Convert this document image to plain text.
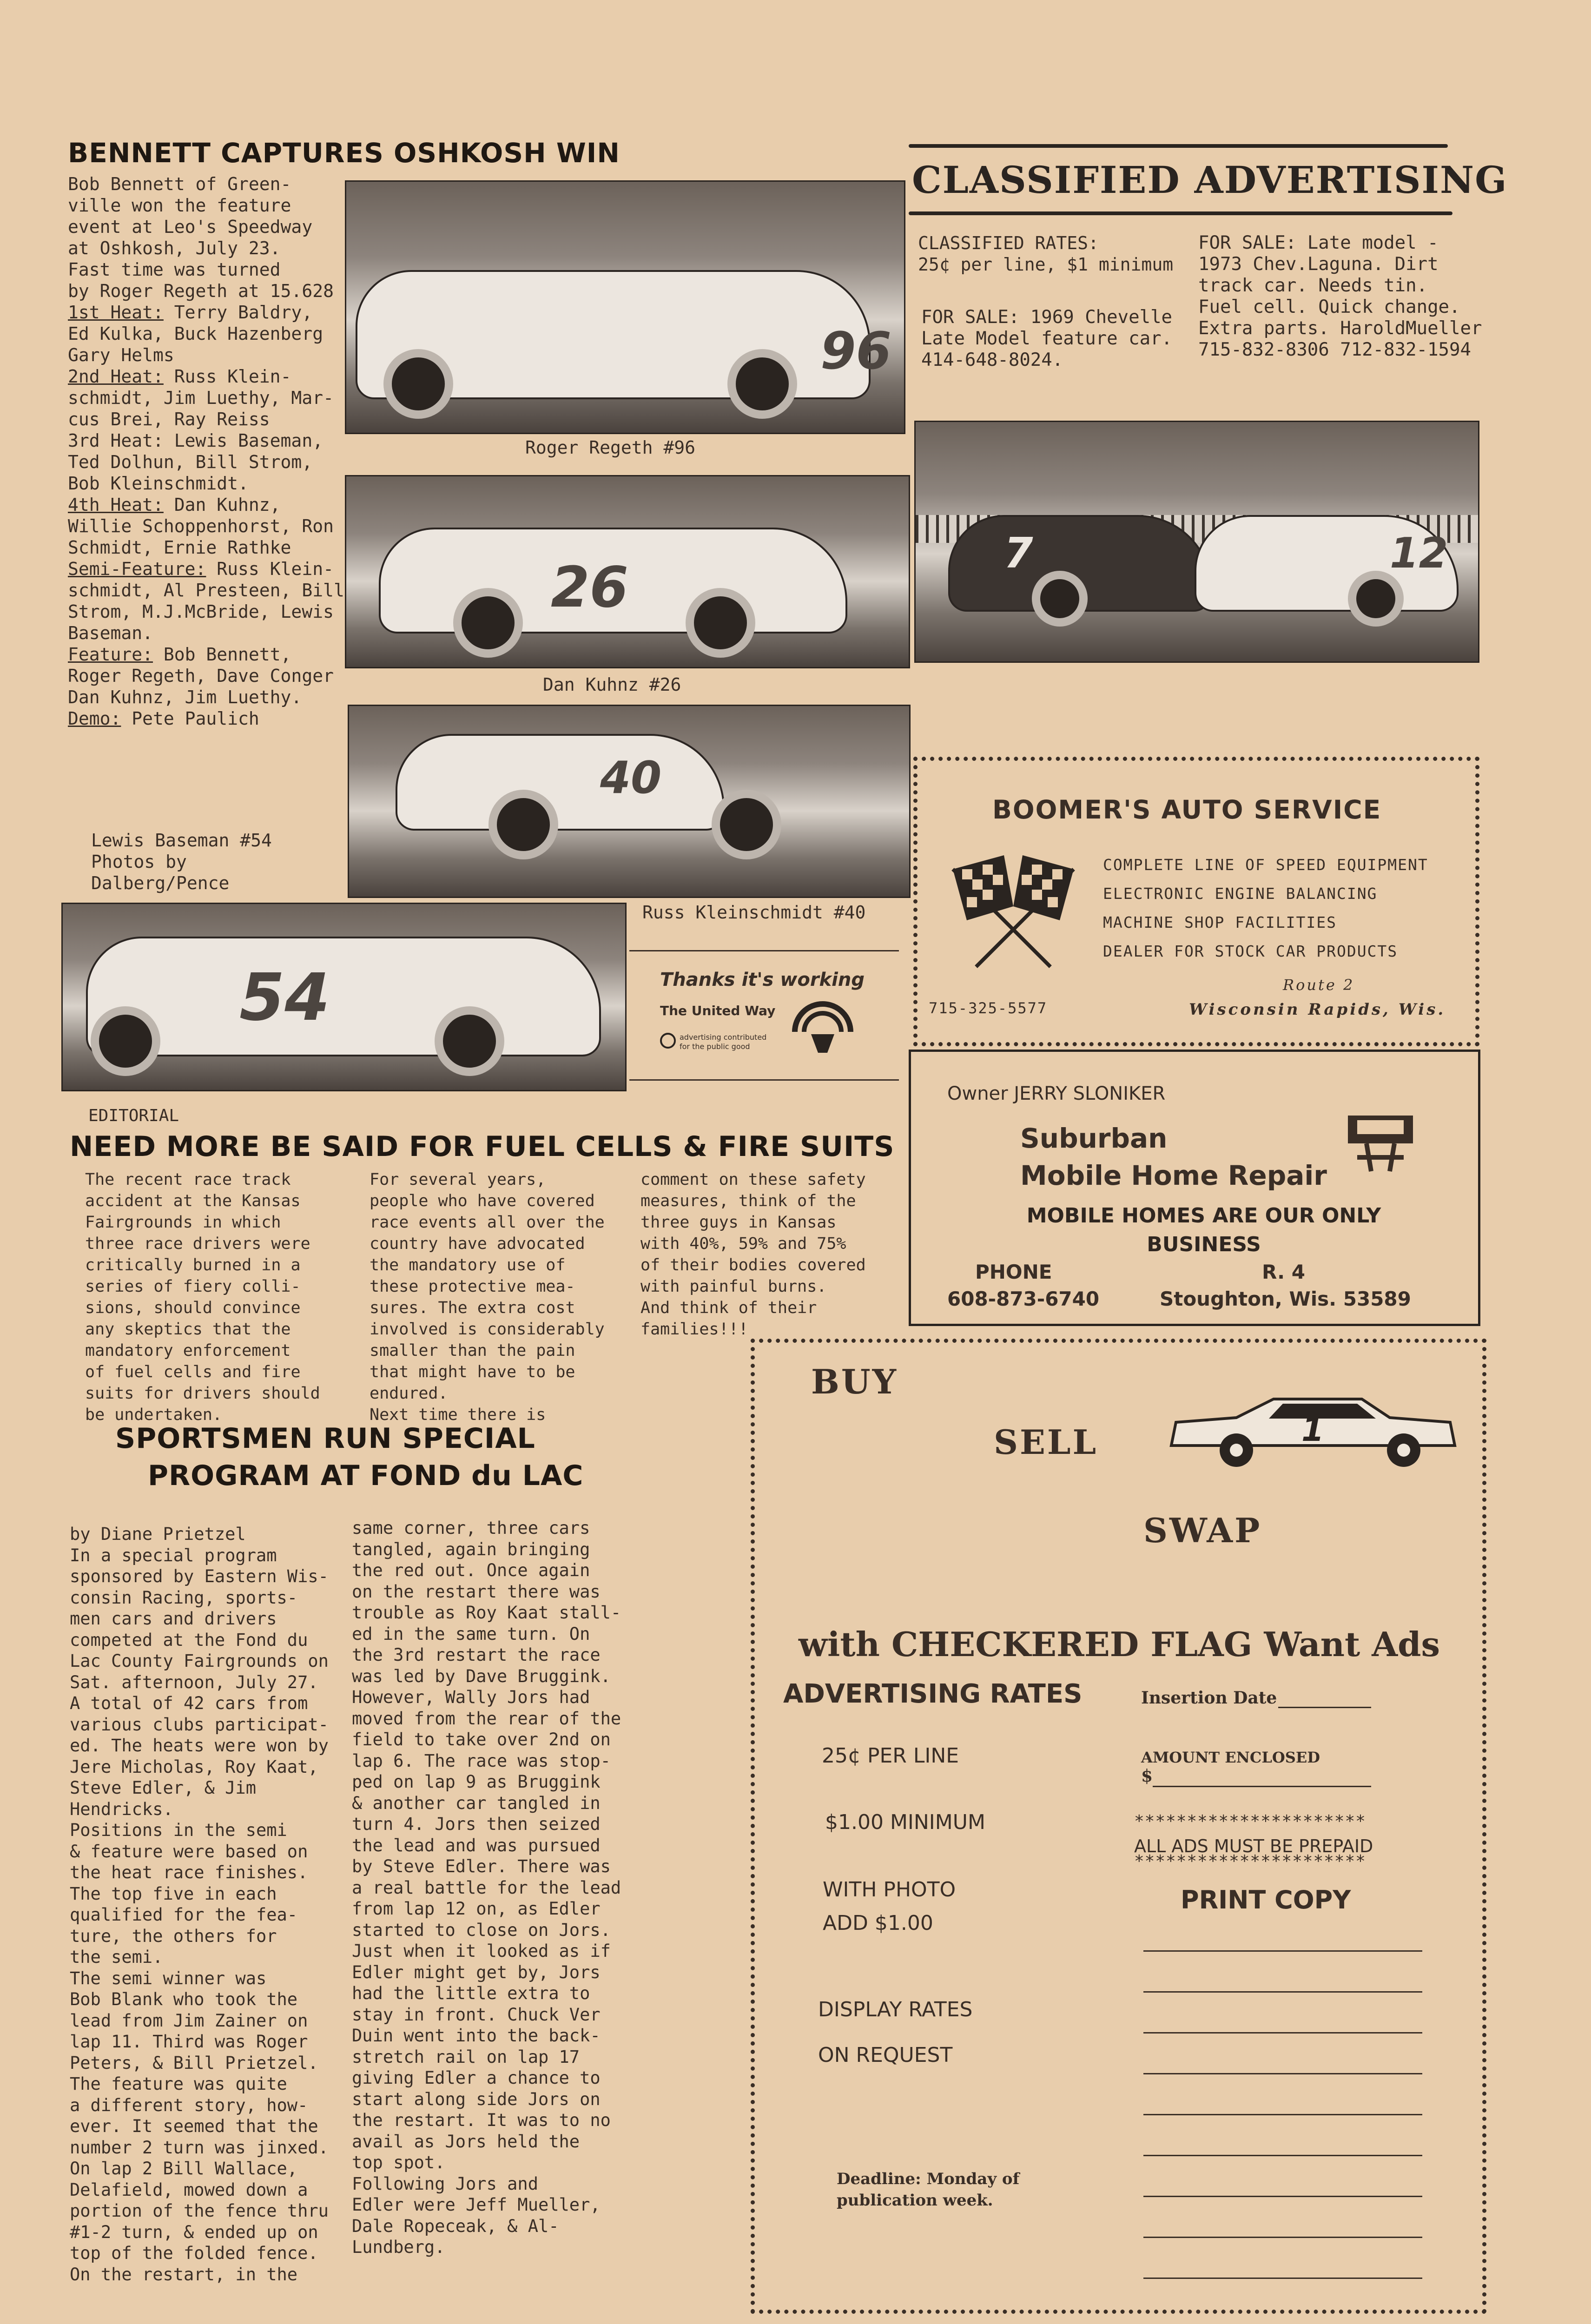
BENNETT CAPTURES OSHKOSH WIN
Bob Bennett of Green-
ville won the feature
event at Leo's Speedway
at Oshkosh, July 23.
Fast time was turned
by Roger Regeth at 15.628
1st Heat: Terry Baldry,
Ed Kulka, Buck Hazenberg
Gary Helms
2nd Heat: Russ Klein-
schmidt, Jim Luethy, Mar-
cus Brei, Ray Reiss
3rd Heat: Lewis Baseman,
Ted Dolhun, Bill Strom,
Bob Kleinschmidt.
4th Heat: Dan Kuhnz,
Willie Schoppenhorst, Ron
Schmidt, Ernie Rathke
Semi-Feature: Russ Klein-
schmidt, Al Presteen, Bill
Strom, M.J.McBride, Lewis
Baseman.
Feature: Bob Bennett,
Roger Regeth, Dave Conger
Dan Kuhnz, Jim Luethy.
Demo: Pete Paulich
96
Roger Regeth #96
26
Dan Kuhnz #26
40
Russ Kleinschmidt #40
Lewis Baseman #54
Photos by
Dalberg/Pence
54	Thanks it's working
The United Way
advertising contributed
for the public good
CLASSIFIED ADVERTISING
CLASSIFIED RATES:
25¢ per line, $1 minimum
FOR SALE: 1969 Chevelle
Late Model feature car.
414-648-8024.
FOR SALE: Late model -
1973 Chev.Laguna. Dirt
track car. Needs tin.
Fuel cell. Quick change.
Extra parts. HaroldMueller
715-832-8306 712-832-1594
7	12
BOOMER'S AUTO SERVICE
COMPLETE LINE OF SPEED EQUIPMENT
ELECTRONIC ENGINE BALANCING
MACHINE SHOP FACILITIES
DEALER FOR STOCK CAR PRODUCTS
715-325-5577
Route 2
Wisconsin Rapids, Wis.
Owner JERRY SLONIKER
Suburban
Mobile Home Repair
MOBILE HOMES ARE OUR ONLY
BUSINESS
PHONE
608-873-6740
R. 4
Stoughton, Wis. 53589
EDITORIAL
NEED MORE BE SAID FOR FUEL CELLS & FIRE SUITS
The recent race track
accident at the Kansas
Fairgrounds in which
three race drivers were
critically burned in a
series of fiery colli-
sions, should convince
any skeptics that the
mandatory enforcement
of fuel cells and fire
suits for drivers should
be undertaken.
For several years,
people who have covered
race events all over the
country have advocated
the mandatory use of
these protective mea-
sures. The extra cost
involved is considerably
smaller than the pain
that might have to be
endured.
Next time there is
comment on these safety
measures, think of the
three guys in Kansas
with 40%, 59% and 75%
of their bodies covered
with painful burns.
And think of their
families!!!
SPORTSMEN RUN SPECIAL
PROGRAM AT FOND du LAC
by Diane Prietzel
In a special program
sponsored by Eastern Wis-
consin Racing, sports-
men cars and drivers
competed at the Fond du
Lac County Fairgrounds on
Sat. afternoon, July 27.
A total of 42 cars from
various clubs participat-
ed. The heats were won by
Jere Micholas, Roy Kaat,
Steve Edler, & Jim
Hendricks.
Positions in the semi
& feature were based on
the heat race finishes.
The top five in each
qualified for the fea-
ture, the others for
the semi.
The semi winner was
Bob Blank who took the
lead from Jim Zainer on
lap 11. Third was Roger
Peters, & Bill Prietzel.
The feature was quite
a different story, how-
ever. It seemed that the
number 2 turn was jinxed.
On lap 2 Bill Wallace,
Delafield, mowed down a
portion of the fence thru
#1-2 turn, & ended up on
top of the folded fence.
On the restart, in the
same corner, three cars
tangled, again bringing
the red out. Once again
on the restart there was
trouble as Roy Kaat stall-
ed in the same turn. On
the 3rd restart the race
was led by Dave Bruggink.
However, Wally Jors had
moved from the rear of the
field to take over 2nd on
lap 6. The race was stop-
ped on lap 9 as Bruggink
& another car tangled in
turn 4. Jors then seized
the lead and was pursued
by Steve Edler. There was
a real battle for the lead
from lap 12 on, as Edler
started to close on Jors.
Just when it looked as if
Edler might get by, Jors
had the little extra to
stay in front. Chuck Ver
Duin went into the back-
stretch rail on lap 17
giving Edler a chance to
start along side Jors on
the restart. It was to no
avail as Jors held the
top spot.
Following Jors and
Edler were Jeff Mueller,
Dale Ropeceak, & Al-
Lundberg.
BUY
SELL
SWAP
1
with CHECKERED FLAG Want Ads
ADVERTISING RATES
25¢ PER LINE
$1.00 MINIMUM
WITH PHOTO
ADD $1.00
DISPLAY RATES
ON REQUEST
Deadline: Monday of
publication week.
Insertion Date
AMOUNT ENCLOSED
$
**********************
ALL ADS MUST BE PREPAID
**********************
PRINT COPY
